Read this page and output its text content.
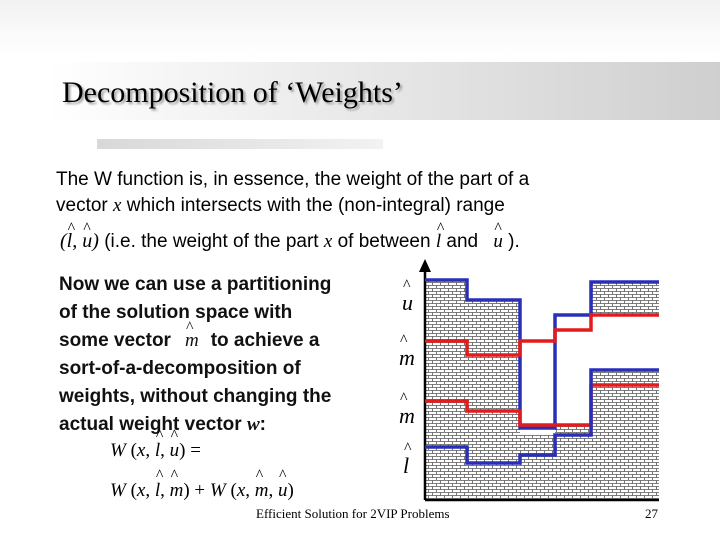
Decomposition of ‘Weights’
The W function is, in essence, the weight of the part of a
vector x which intersects with the (non-integral) range
(^ l, ^ u) (i.e. the weight of the part x of between ^ l and ^ u ).
Now we can use a partitioning
of the solution space with
some vector ^ m to achieve a
sort-of-a-decomposition of
weights, without changing the
actual weight vector w:
W (x, ^ l, ^ u) =
W (x, ^ l, ^ m) + W (x, ^ m, ^ u)
^ u
^ m
^ m
^ l
Efficient Solution for 2VIP Problems	27
